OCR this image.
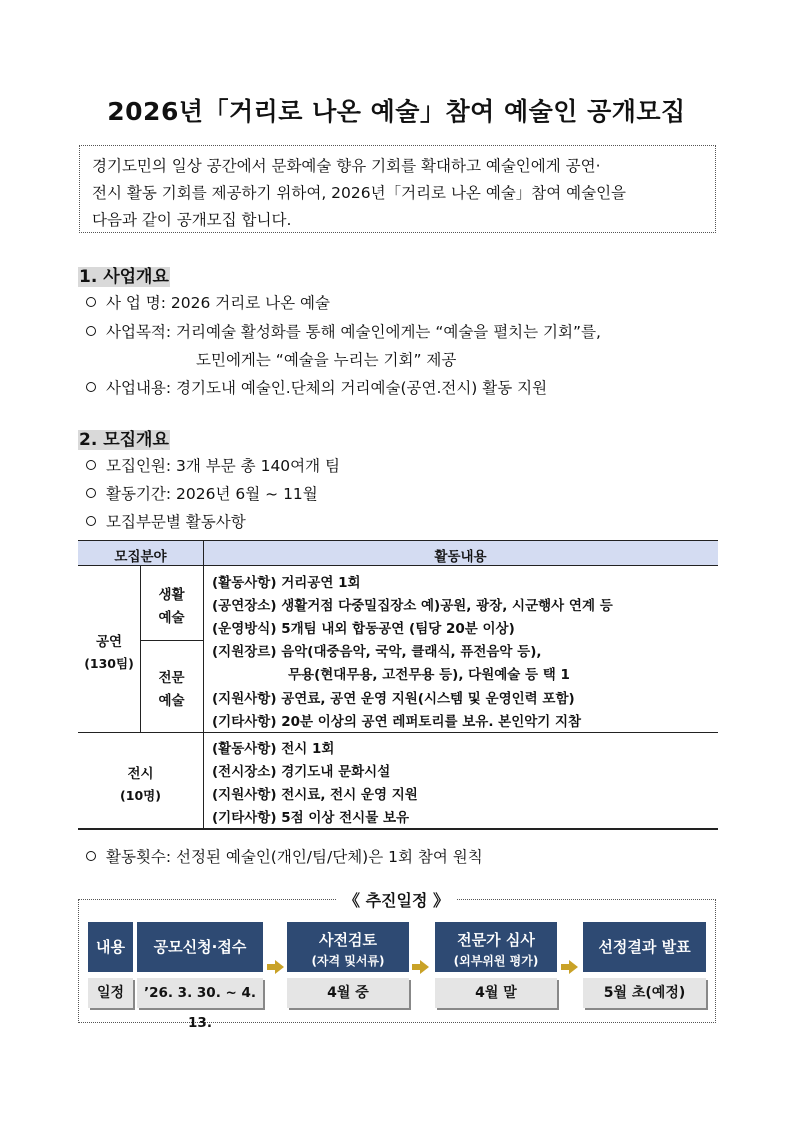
2026년「거리로 나온 예술」참여 예술인 공개모집
경기도민의 일상 공간에서 문화예술 향유 기회를 확대하고 예술인에게 공연·
전시 활동 기회를 제공하기 위하여, 2026년「거리로 나온 예술」참여 예술인을
다음과 같이 공개모집 합니다.
1. 사업개요
사 업 명: 2026 거리로 나온 예술
사업목적: 거리예술 활성화를 통해 예술인에게는 “예술을 펼치는 기회”를,
도민에게는 “예술을 누리는 기회” 제공
사업내용: 경기도내 예술인.단체의 거리예술(공연.전시) 활동 지원
2. 모집개요
모집인원: 3개 부문 총 140여개 팀
활동기간: 2026년 6월 ~ 11월
모집부문별 활동사항
모집분야	활동내용
공연
(130팀)
생활
예술
전문
예술
(활동사항) 거리공연 1회
(공연장소) 생활거점 다중밀집장소 예)공원, 광장, 시군행사 연계 등
(운영방식) 5개팀 내외 합동공연 (팀당 20분 이상)
(지원장르) 음악(대중음악, 국악, 클래식, 퓨전음악 등),
무용(현대무용, 고전무용 등), 다원예술 등 택 1
(지원사항) 공연료, 공연 운영 지원(시스템 및 운영인력 포함)
(기타사항) 20분 이상의 공연 레퍼토리를 보유. 본인악기 지참
전시
(10명)
(활동사항) 전시 1회
(전시장소) 경기도내 문화시설
(지원사항) 전시료, 전시 운영 지원
(기타사항) 5점 이상 전시물 보유
활동횟수: 선정된 예술인(개인/팀/단체)은 1회 참여 원칙
《 추진일정 》
내용
일정
공모신청·접수
’26. 3. 30. ~ 4. 13.
사전검토
(자격 및서류)
4월 중
전문가 심사
(외부위원 평가)
4월 말
선정결과 발표
5월 초(예정)
